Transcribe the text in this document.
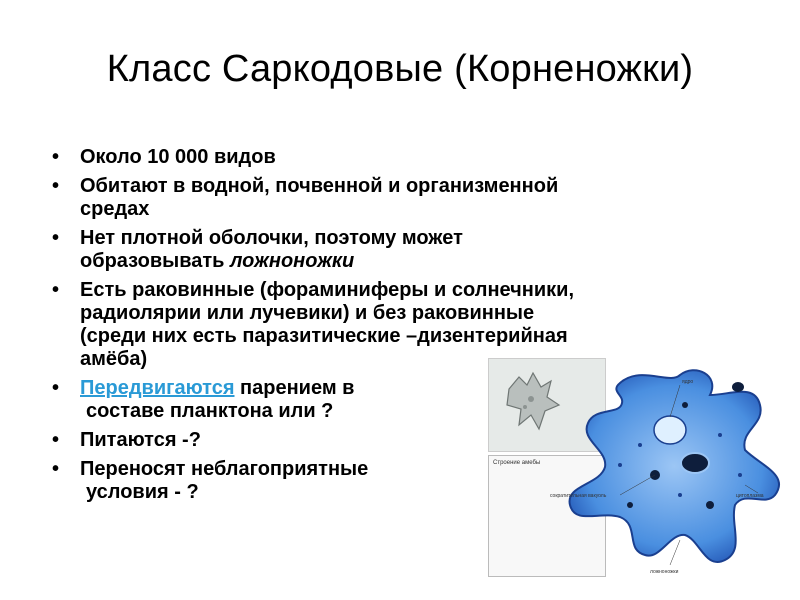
Класс Саркодовые (Корненожки)
•	Около 10 000 видов
•	Обитают в водной, почвенной и организменной
средах
•	Нет плотной оболочки, поэтому может
образовывать ложноножки
•	Есть раковинные (фораминиферы и солнечники,
радиолярии или лучевики) и без раковинные
(среди них есть паразитические –дизентерийная
амёба)
•	Передвигаются парением в
составе планктона или ?
•	Питаются -?
•	Переносят неблагоприятные
условия - ?
Строение амебы
ядро
цитоплазма
сократительная вакуоль
ложноножки
